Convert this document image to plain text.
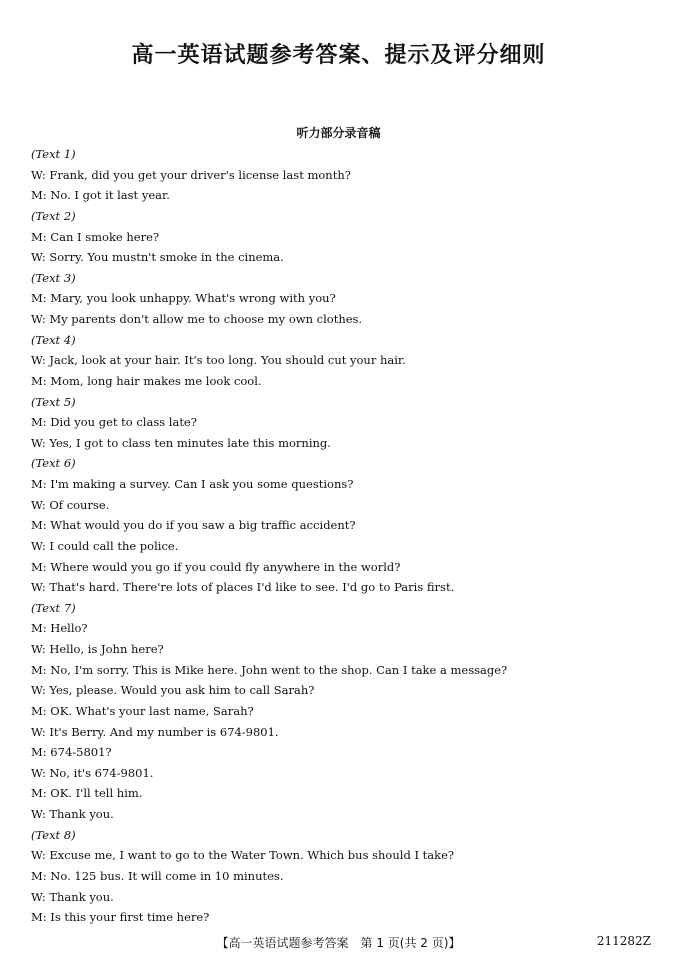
高一英语试题参考答案、提示及评分细则
听力部分录音稿
(Text 1)
W: Frank, did you get your driver's license last month?
M: No. I got it last year.
(Text 2)
M: Can I smoke here?
W: Sorry. You mustn't smoke in the cinema.
(Text 3)
M: Mary, you look unhappy. What's wrong with you?
W: My parents don't allow me to choose my own clothes.
(Text 4)
W: Jack, look at your hair. It's too long. You should cut your hair.
M: Mom, long hair makes me look cool.
(Text 5)
M: Did you get to class late?
W: Yes, I got to class ten minutes late this morning.
(Text 6)
M: I'm making a survey. Can I ask you some questions?
W: Of course.
M: What would you do if you saw a big traffic accident?
W: I could call the police.
M: Where would you go if you could fly anywhere in the world?
W: That's hard. There're lots of places I'd like to see. I'd go to Paris first.
(Text 7)
M: Hello?
W: Hello, is John here?
M: No, I'm sorry. This is Mike here. John went to the shop. Can I take a message?
W: Yes, please. Would you ask him to call Sarah?
M: OK. What's your last name, Sarah?
W: It's Berry. And my number is 674-9801.
M: 674-5801?
W: No, it's 674-9801.
M: OK. I'll tell him.
W: Thank you.
(Text 8)
W: Excuse me, I want to go to the Water Town. Which bus should I take?
M: No. 125 bus. It will come in 10 minutes.
W: Thank you.
M: Is this your first time here?
【高一英语试题参考答案　第 1 页(共 2 页)】	211282Z
